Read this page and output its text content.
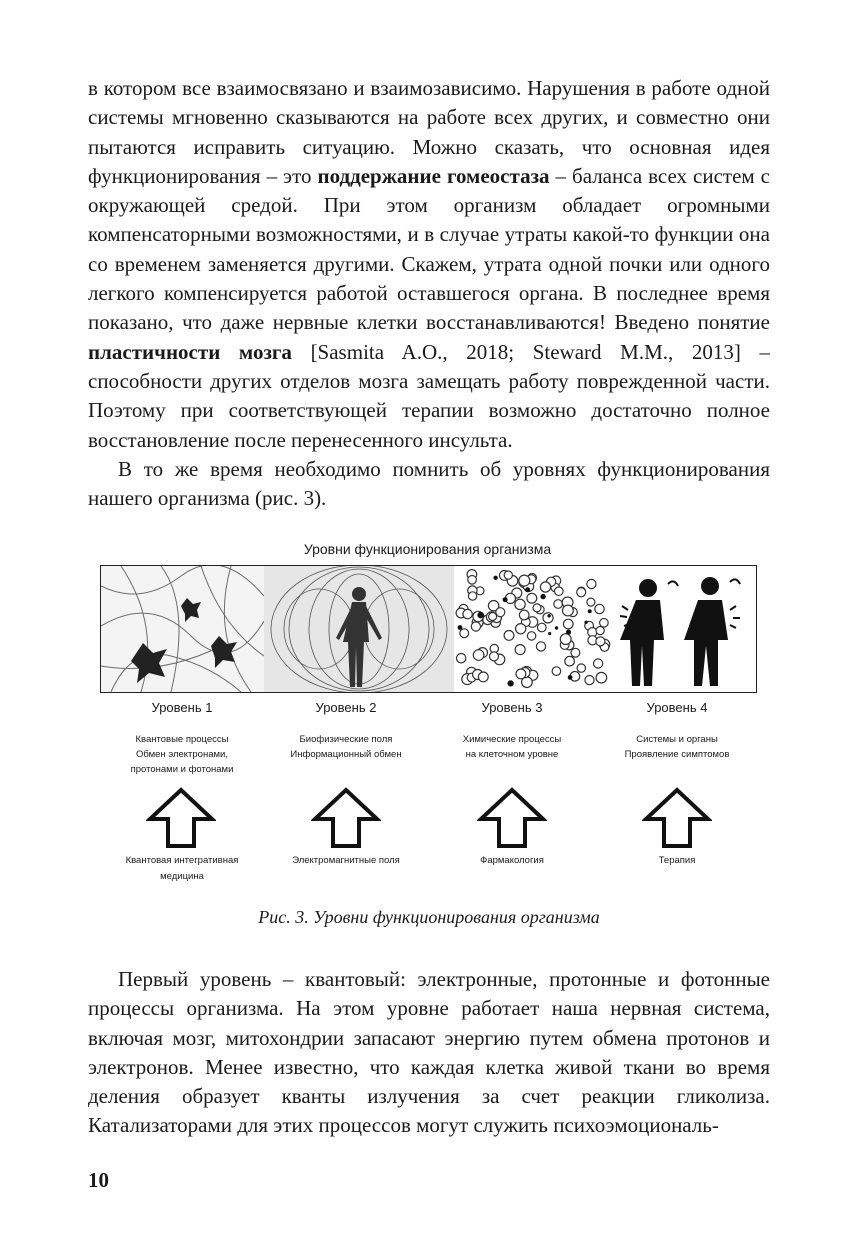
в котором все взаимосвязано и взаимозависимо. Нарушения в работе одной системы мгновенно сказываются на работе всех других, и совместно они пытаются исправить ситуацию. Можно сказать, что основная идея функционирования – это поддержание гомеостаза – баланса всех систем с окружающей средой. При этом организм обладает огромными компенсаторными возможностями, и в случае утраты какой-то функции она со временем заменяется другими. Скажем, утрата одной почки или одного легкого компенсируется работой оставшегося органа. В последнее время показано, что даже нервные клетки восстанавливаются! Введено понятие пластичности мозга [Sasmita A.O., 2018; Steward M.M., 2013] – способности других отделов мозга замещать работу поврежденной части. Поэтому при соответствующей терапии возможно достаточно полное восстановление после перенесенного инсульта.

В то же время необходимо помнить об уровнях функционирования нашего организма (рис. 3).

Уровни функционирования организма
Уровень 1
Квантовые процессы
Обмен электронами,
протонами и фотонами
Уровень 2
Биофизические поля
Информационный обмен
Уровень 3
Химические процессы
на клеточном уровне
Уровень 4
Системы и органы
Проявление симптомов
Квантовая интегративная
медицина
Электромагнитные поля	Фармакология	Терапия
Рис. 3. Уровни функционирования организма

Первый уровень – квантовый: электронные, протонные и фотонные процессы организма. На этом уровне работает наша нервная система, включая мозг, митохондрии запасают энергию путем обмена протонов и электронов. Менее известно, что каждая клетка живой ткани во время деления образует кванты излучения за счет реакции гликолиза. Катализаторами для этих процессов могут служить психоэмоциональ-

10
